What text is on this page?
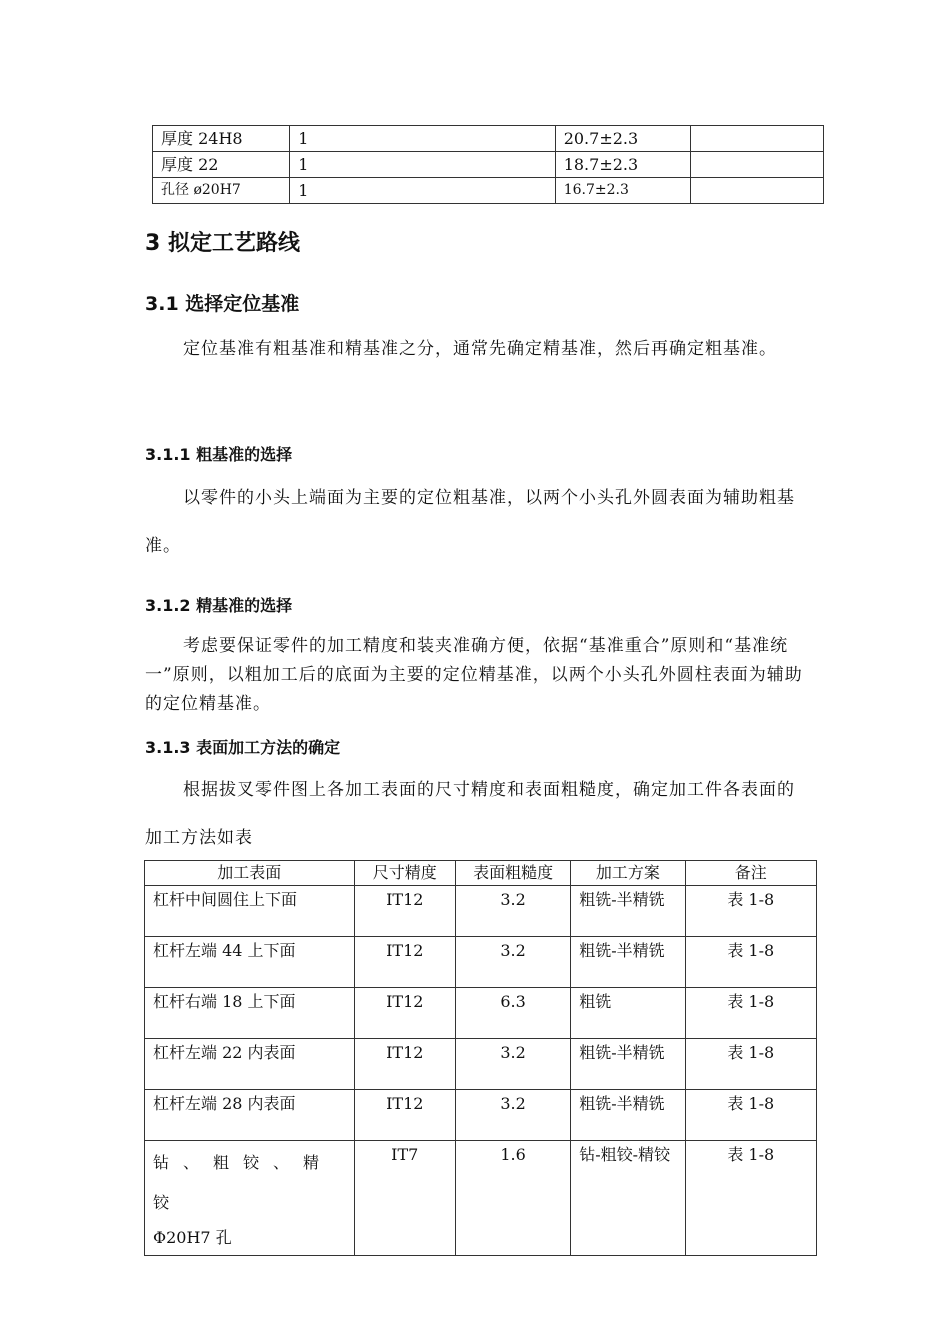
厚度 24H8	1	20.7±2.3	
厚度 22	1	18.7±2.3	
孔径 ø20H7	1	16.7±2.3	
3 拟定工艺路线
3.1 选择定位基准

定位基准有粗基准和精基准之分，通常先确定精基准，然后再确定粗基准。

3.1.1 粗基准的选择

以零件的小头上端面为主要的定位粗基准，以两个小头孔外圆表面为辅助粗基准。

3.1.2 精基准的选择

考虑要保证零件的加工精度和装夹准确方便，依据“基准重合”原则和“基准统一”原则，以粗加工后的底面为主要的定位精基准，以两个小头孔外圆柱表面为辅助的定位精基准。

3.1.3 表面加工方法的确定

根据拔叉零件图上各加工表面的尺寸精度和表面粗糙度，确定加工件各表面的加工方法如表

加工表面	尺寸精度	表面粗糙度	加工方案	备注
杠杆中间圆住上下面	IT12	3.2	粗铣-半精铣	表 1-8
杠杆左端 44 上下面	IT12	3.2	粗铣-半精铣	表 1-8
杠杆右端 18 上下面	IT12	6.3	粗铣	表 1-8
杠杆左端 22 内表面	IT12	3.2	粗铣-半精铣	表 1-8
杠杆左端 28 内表面	IT12	3.2	粗铣-半精铣	表 1-8

钻、粗铰、精铰
Φ20H7 孔	IT7	1.6	钻-粗铰-精铰	表 1-8
